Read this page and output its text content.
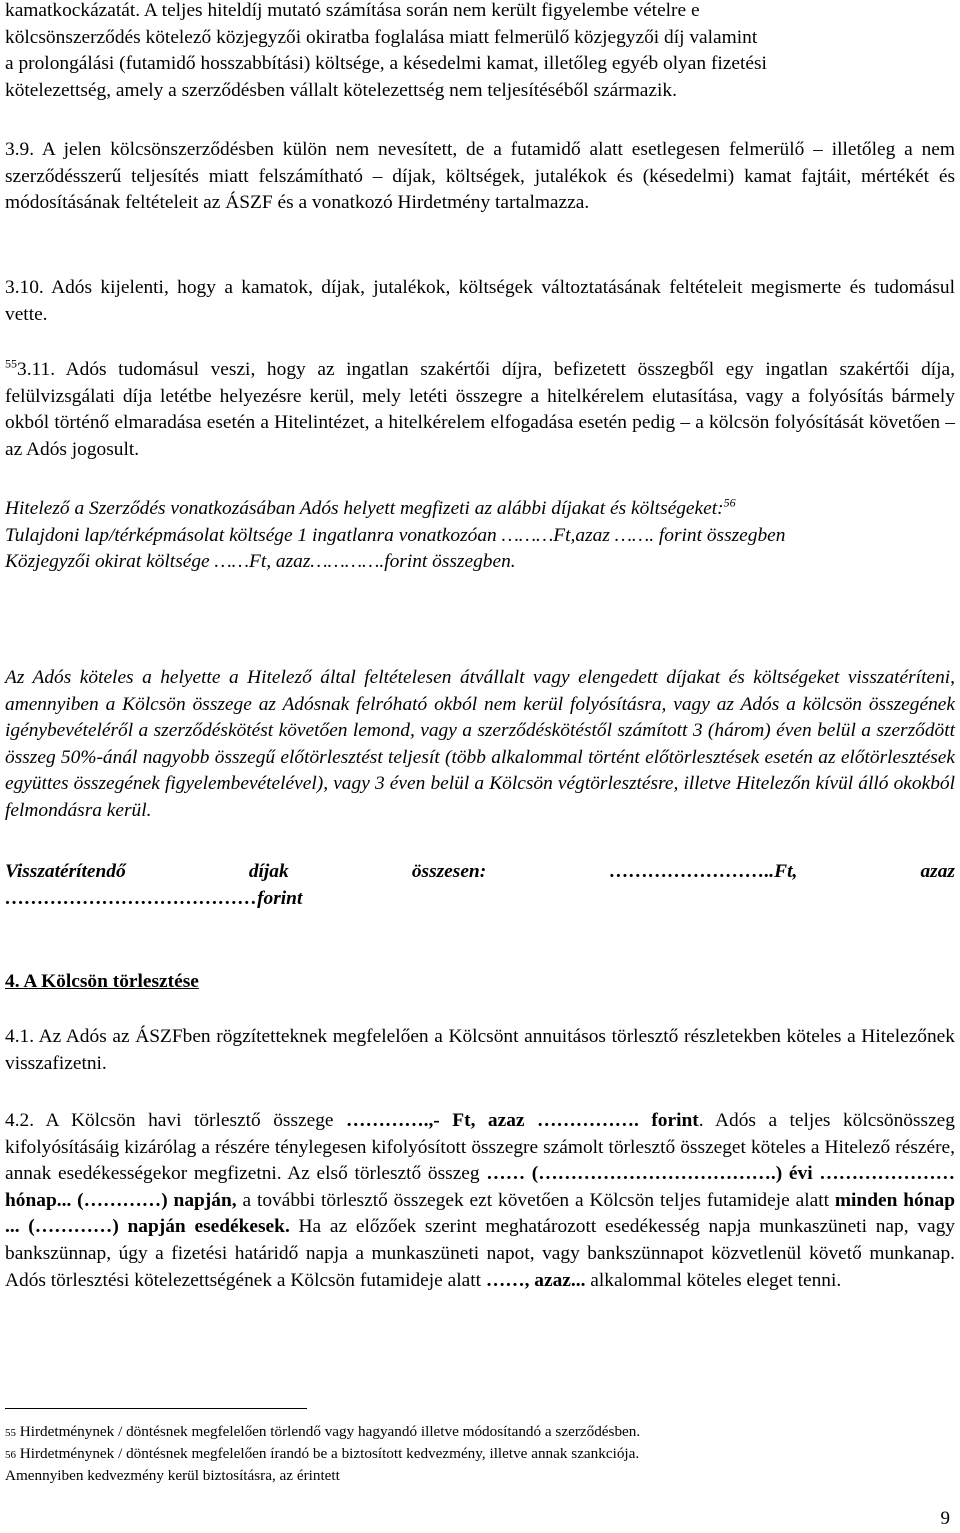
kamatkockázatát. A teljes hiteldíj mutató számítása során nem került figyelembe vételre e

kölcsönszerződés kötelező közjegyzői okiratba foglalása miatt felmerülő közjegyzői díj valamint

a prolongálási (futamidő hosszabbítási) költsége, a késedelmi kamat, illetőleg egyéb olyan fizetési

kötelezettség, amely a szerződésben vállalt kötelezettség nem teljesítéséből származik.

3.9. A jelen kölcsönszerződésben külön nem nevesített, de a futamidő alatt esetlegesen felmerülő – illetőleg a nem szerződésszerű teljesítés miatt felszámítható – díjak, költségek, jutalékok és (késedelmi) kamat fajtáit, mértékét és módosításának feltételeit az ÁSZF és a vonatkozó Hirdetmény tartalmazza.

3.10. Adós kijelenti, hogy a kamatok, díjak, jutalékok, költségek változtatásának feltételeit megismerte és tudomásul vette.

$^{55}$3.11. Adós tudomásul veszi, hogy az ingatlan szakértői díjra, befizetett összegből egy ingatlan szakértői díja, felülvizsgálati díja letétbe helyezésre kerül, mely letéti összegre a hitelkérelem elutasítása, vagy a folyósítás bármely okból történő elmaradása esetén a Hitelintézet, a hitelkérelem elfogadása esetén pedig – a kölcsön folyósítását követően – az Adós jogosult.

Hitelező a Szerződés vonatkozásában Adós helyett megfizeti az alábbi díjakat és költségeket:$^{56}$

Tulajdoni lap/térképmásolat költsége 1 ingatlanra vonatkozóan ………Ft,azaz ……. forint összegben

Közjegyzői okirat költsége ……Ft, azaz………….forint összegben.

Az Adós köteles a helyette a Hitelező által feltételesen átvállalt vagy elengedett díjakat és költségeket visszatéríteni, amennyiben a Kölcsön összege az Adósnak felróható okból nem kerül folyósításra, vagy az Adós a kölcsön összegének igénybevételéről a szerződéskötést követően lemond, vagy a szerződéskötéstől számított 3 (három) éven belül a szerződött összeg 50%-ánál nagyobb összegű előtörlesztést teljesít (több alkalommal történt előtörlesztések esetén az előtörlesztések együttes összegének figyelembevételével), vagy 3 éven belül a Kölcsön végtörlesztésre, illetve Hitelezőn kívül álló okokból felmondásra kerül.

Visszatérítendő	díjak	összesen:	……………………..Ft,	azaz

…………………………………forint

4. A Kölcsön törlesztése

4.1. Az Adós az ÁSZFben rögzítetteknek megfelelően a Kölcsönt annuitásos törlesztő részletekben köteles a Hitelezőnek visszafizetni.

4.2. A Kölcsön havi törlesztő összege ………….,- Ft, azaz ……………. forint. Adós a teljes kölcsönösszeg kifolyósításáig kizárólag a részére ténylegesen kifolyósított összegre számolt törlesztő összeget köteles a Hitelező részére, annak esedékességekor megfizetni. Az első törlesztő összeg …… (……………………………….) évi ………………… hónap... (…………) napján, a további törlesztő összegek ezt követően a Kölcsön teljes futamideje alatt minden hónap ... (…………) napján esedékesek. Ha az előzőek szerint meghatározott esedékesség napja munkaszüneti nap, vagy bankszünnap, úgy a fizetési határidő napja a munkaszüneti napot, vagy bankszünnapot közvetlenül követő munkanap. Adós törlesztési kötelezettségének a Kölcsön futamideje alatt ……, azaz... alkalommal köteles eleget tenni.

55 Hirdetménynek / döntésnek megfelelően törlendő vagy hagyandó illetve módosítandó a szerződésben.
56 Hirdetménynek / döntésnek megfelelően írandó be a biztosított kedvezmény, illetve annak szankciója.
Amennyiben kedvezmény kerül biztosításra, az érintett
9
